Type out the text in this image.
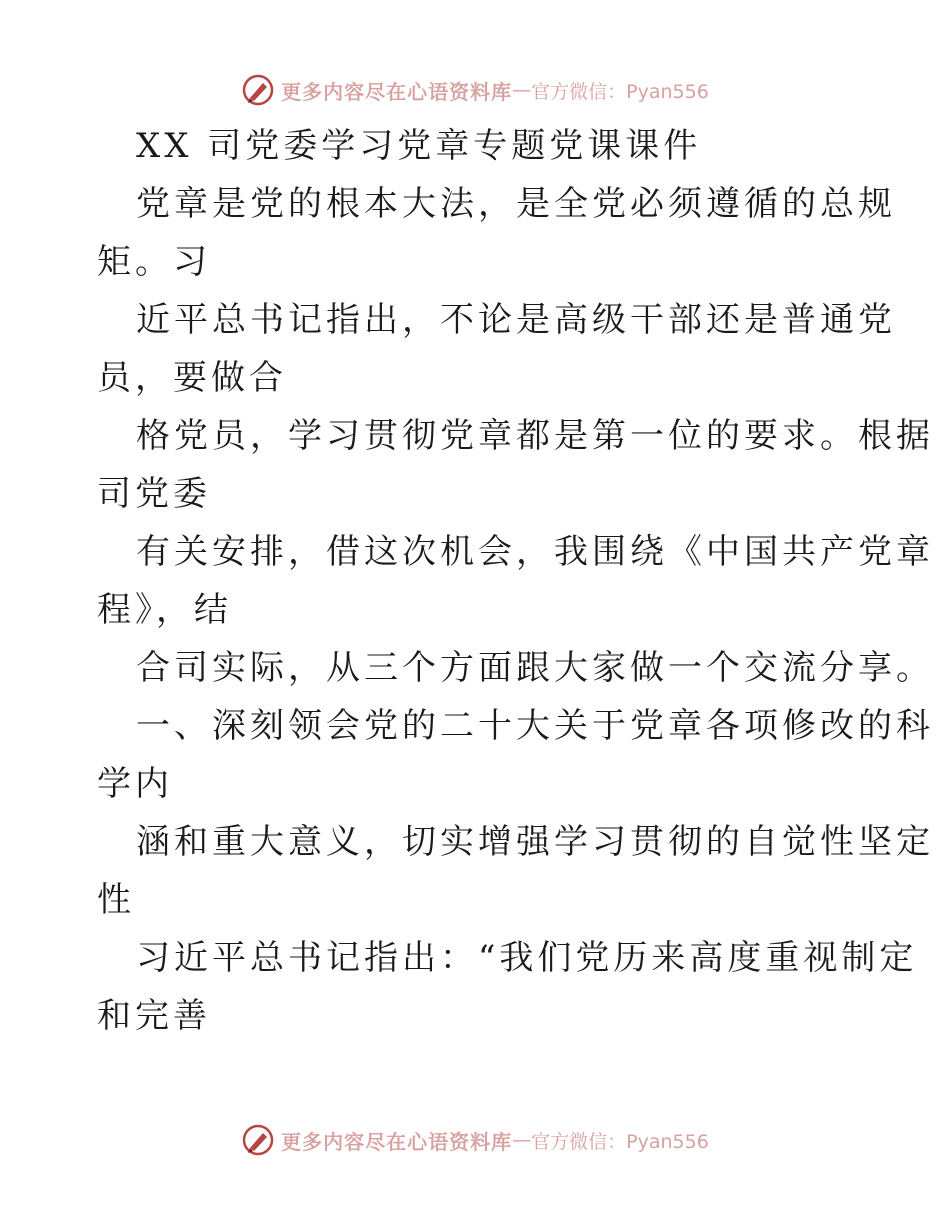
更多内容尽在心语资料库 — 官方微信：Pyan556
XX 司党委学习党章专题党课课件
党章是党的根本大法，是全党必须遵循的总规
矩。习
近平总书记指出，不论是高级干部还是普通党
员，要做合
格党员，学习贯彻党章都是第一位的要求。根据
司党委
有关安排，借这次机会，我围绕《中国共产党章
程》，结
合司实际，从三个方面跟大家做一个交流分享。
一、深刻领会党的二十大关于党章各项修改的科
学内
涵和重大意义，切实增强学习贯彻的自觉性坚定
性
习近平总书记指出：“我们党历来高度重视制定
和完善
更多内容尽在心语资料库 — 官方微信：Pyan556
